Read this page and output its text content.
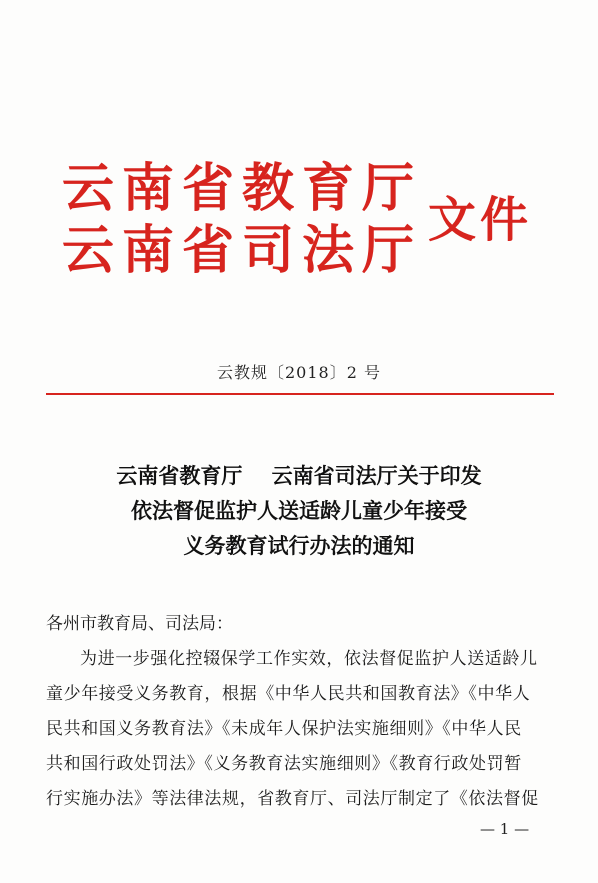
云南省教育厅
云南省司法厅 文件
云教规〔2018〕2 号
云南省教育厅    云南省司法厅关于印发
依法督促监护人送适龄儿童少年接受
义务教育试行办法的通知
各州市教育局、司法局：
为进一步强化控辍保学工作实效，依法督促监护人送适龄儿
童少年接受义务教育，根据《中华人民共和国教育法》《中华人
民共和国义务教育法》《未成年人保护法实施细则》《中华人民
共和国行政处罚法》《义务教育法实施细则》《教育行政处罚暂
行实施办法》等法律法规，省教育厅、司法厅制定了《依法督促
— 1 —
